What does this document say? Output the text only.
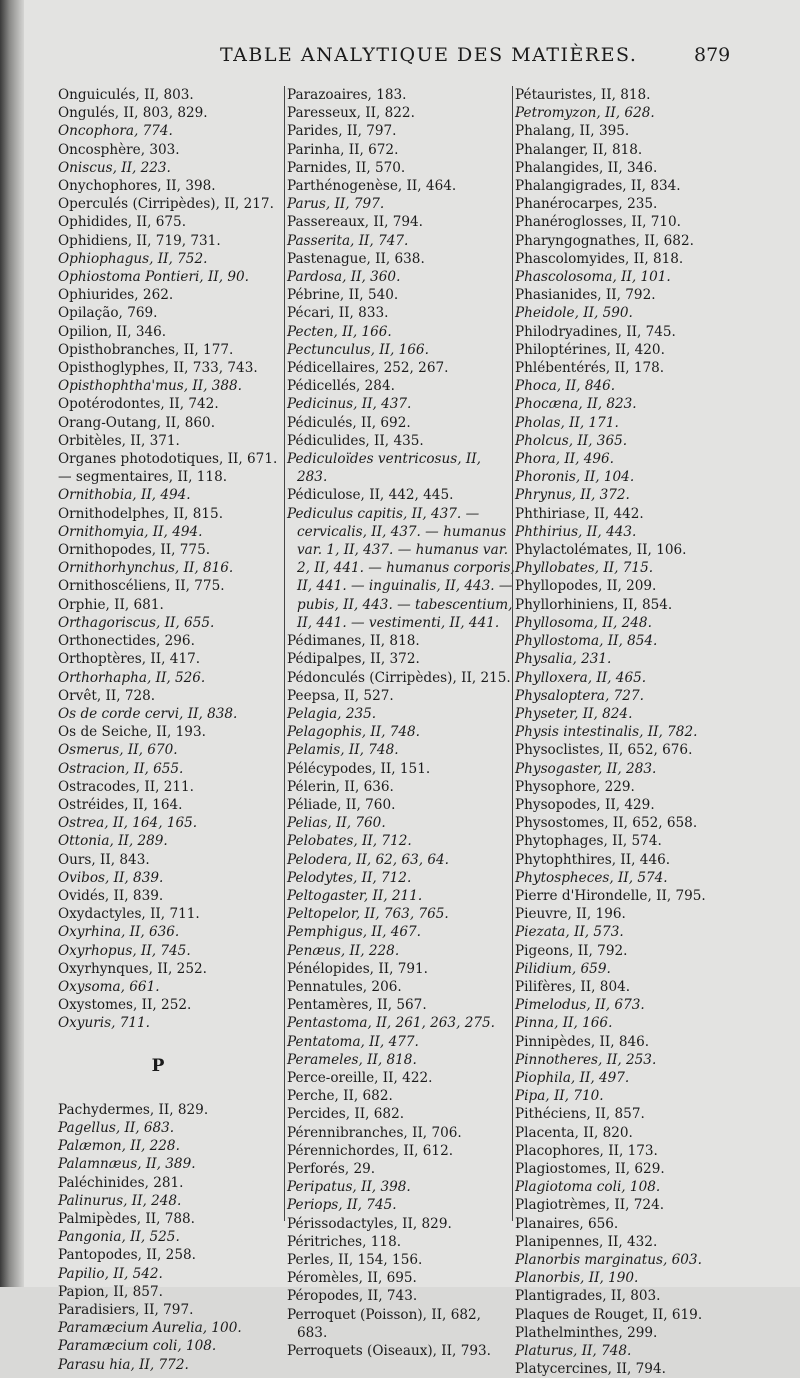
TABLE ANALYTIQUE DES MATIÈRES.	879
Onguiculés, II, 803.
Ongulés, II, 803, 829.
Oncophora, 774.
Oncosphère, 303.
Oniscus, II, 223.
Onychophores, II, 398.
Operculés (Cirripèdes), II, 217.
Ophidides, II, 675.
Ophidiens, II, 719, 731.
Ophiophagus, II, 752.
Ophiostoma Pontieri, II, 90.
Ophiurides, 262.
Opilação, 769.
Opilion, II, 346.
Opisthobranches, II, 177.
Opisthoglyphes, II, 733, 743.
Opisthophtha'mus, II, 388.
Opotérodontes, II, 742.
Orang-Outang, II, 860.
Orbitèles, II, 371.
Organes photodotiques, II, 671.
— segmentaires, II, 118.
Ornithobia, II, 494.
Ornithodelphes, II, 815.
Ornithomyia, II, 494.
Ornithopodes, II, 775.
Ornithorhynchus, II, 816.
Ornithoscéliens, II, 775.
Orphie, II, 681.
Orthagoriscus, II, 655.
Orthonectides, 296.
Orthoptères, II, 417.
Orthorhapha, II, 526.
Orvêt, II, 728.
Os de corde cervi, II, 838.
Os de Seiche, II, 193.
Osmerus, II, 670.
Ostracion, II, 655.
Ostracodes, II, 211.
Ostréides, II, 164.
Ostrea, II, 164, 165.
Ottonia, II, 289.
Ours, II, 843.
Ovibos, II, 839.
Ovidés, II, 839.
Oxydactyles, II, 711.
Oxyrhina, II, 636.
Oxyrhopus, II, 745.
Oxyrhynques, II, 252.
Oxysoma, 661.
Oxystomes, II, 252.
Oxyuris, 711.
P
Pachydermes, II, 829.
Pagellus, II, 683.
Palæmon, II, 228.
Palamnæus, II, 389.
Paléchinides, 281.
Palinurus, II, 248.
Palmipèdes, II, 788.
Pangonia, II, 525.
Pantopodes, II, 258.
Papilio, II, 542.
Papion, II, 857.
Paradisiers, II, 797.
Paramæcium Aurelia, 100.
Paramæcium coli, 108.
Parasu hia, II, 772.
Parazoaires, 183.
Paresseux, II, 822.
Parides, II, 797.
Parinha, II, 672.
Parnides, II, 570.
Parthénogenèse, II, 464.
Parus, II, 797.
Passereaux, II, 794.
Passerita, II, 747.
Pastenague, II, 638.
Pardosa, II, 360.
Pébrine, II, 540.
Pécari, II, 833.
Pecten, II, 166.
Pectunculus, II, 166.
Pédicellaires, 252, 267.
Pédicellés, 284.
Pedicinus, II, 437.
Pédiculés, II, 692.
Pédiculides, II, 435.
Pediculoïdes ventricosus, II, 283.
Pédiculose, II, 442, 445.
Pediculus capitis, II, 437. — cervicalis, II, 437. — humanus var. 1, II, 437. — humanus var. 2, II, 441. — humanus corporis, II, 441. — inguinalis, II, 443. — pubis, II, 443. — tabescentium, II, 441. — vestimenti, II, 441.
Pédimanes, II, 818.
Pédipalpes, II, 372.
Pédonculés (Cirripèdes), II, 215.
Peepsa, II, 527.
Pelagia, 235.
Pelagophis, II, 748.
Pelamis, II, 748.
Pélécypodes, II, 151.
Pélerin, II, 636.
Péliade, II, 760.
Pelias, II, 760.
Pelobates, II, 712.
Pelodera, II, 62, 63, 64.
Pelodytes, II, 712.
Peltogaster, II, 211.
Peltopelor, II, 763, 765.
Pemphigus, II, 467.
Penæus, II, 228.
Pénélopides, II, 791.
Pennatules, 206.
Pentamères, II, 567.
Pentastoma, II, 261, 263, 275.
Pentatoma, II, 477.
Perameles, II, 818.
Perce-oreille, II, 422.
Perche, II, 682.
Percides, II, 682.
Pérennibranches, II, 706.
Pérennichordes, II, 612.
Perforés, 29.
Peripatus, II, 398.
Periops, II, 745.
Périssodactyles, II, 829.
Péritriches, 118.
Perles, II, 154, 156.
Péromèles, II, 695.
Péropodes, II, 743.
Perroquet (Poisson), II, 682, 683.
Perroquets (Oiseaux), II, 793.
Pétauristes, II, 818.
Petromyzon, II, 628.
Phalang, II, 395.
Phalanger, II, 818.
Phalangides, II, 346.
Phalangigrades, II, 834.
Phanérocarpes, 235.
Phanéroglosses, II, 710.
Pharyngognathes, II, 682.
Phascolomyides, II, 818.
Phascolosoma, II, 101.
Phasianides, II, 792.
Pheidole, II, 590.
Philodryadines, II, 745.
Philoptérines, II, 420.
Phlébentérés, II, 178.
Phoca, II, 846.
Phocæna, II, 823.
Pholas, II, 171.
Pholcus, II, 365.
Phora, II, 496.
Phoronis, II, 104.
Phrynus, II, 372.
Phthiriase, II, 442.
Phthirius, II, 443.
Phylactolémates, II, 106.
Phyllobates, II, 715.
Phyllopodes, II, 209.
Phyllorhiniens, II, 854.
Phyllosoma, II, 248.
Phyllostoma, II, 854.
Physalia, 231.
Phylloxera, II, 465.
Physaloptera, 727.
Physeter, II, 824.
Physis intestinalis, II, 782.
Physoclistes, II, 652, 676.
Physogaster, II, 283.
Physophore, 229.
Physopodes, II, 429.
Physostomes, II, 652, 658.
Phytophages, II, 574.
Phytophthires, II, 446.
Phytospheces, II, 574.
Pierre d'Hirondelle, II, 795.
Pieuvre, II, 196.
Piezata, II, 573.
Pigeons, II, 792.
Pilidium, 659.
Pilifères, II, 804.
Pimelodus, II, 673.
Pinna, II, 166.
Pinnipèdes, II, 846.
Pinnotheres, II, 253.
Piophila, II, 497.
Pipa, II, 710.
Pithéciens, II, 857.
Placenta, II, 820.
Placophores, II, 173.
Plagiostomes, II, 629.
Plagiotoma coli, 108.
Plagiotrèmes, II, 724.
Planaires, 656.
Planipennes, II, 432.
Planorbis marginatus, 603.
Planorbis, II, 190.
Plantigrades, II, 803.
Plaques de Rouget, II, 619.
Plathelminthes, 299.
Platurus, II, 748.
Platycercines, II, 794.
